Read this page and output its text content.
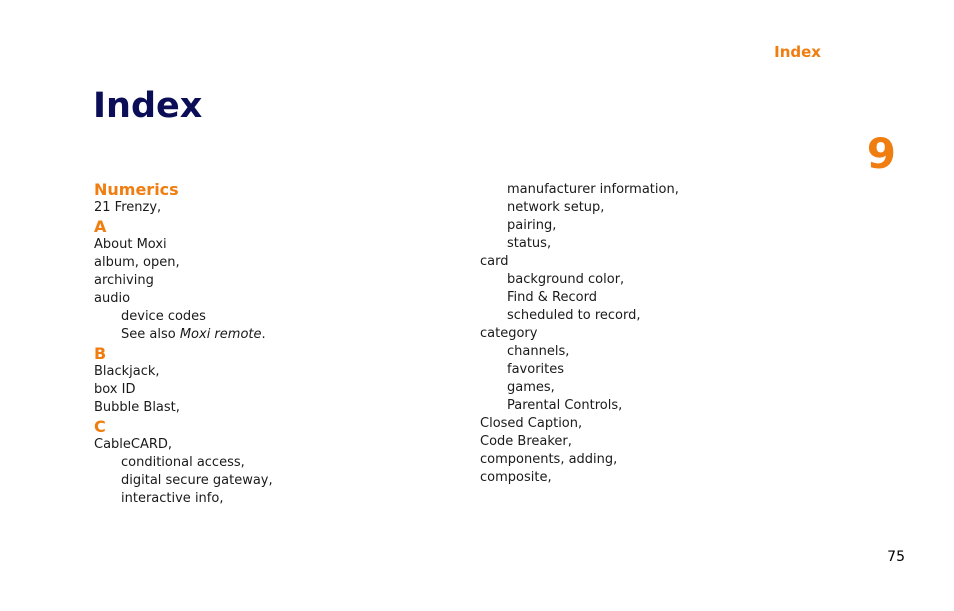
Index
Index
9
Numerics
21 Frenzy,
A
About Moxi
album, open,
archiving
audio
device codes
See also Moxi remote.
B
Blackjack,
box ID
Bubble Blast,
C
CableCARD,
conditional access,
digital secure gateway,
interactive info,
manufacturer information,
network setup,
pairing,
status,
card
background color,
Find & Record
scheduled to record,
category
channels,
favorites
games,
Parental Controls,
Closed Caption,
Code Breaker,
components, adding,
composite,
75
